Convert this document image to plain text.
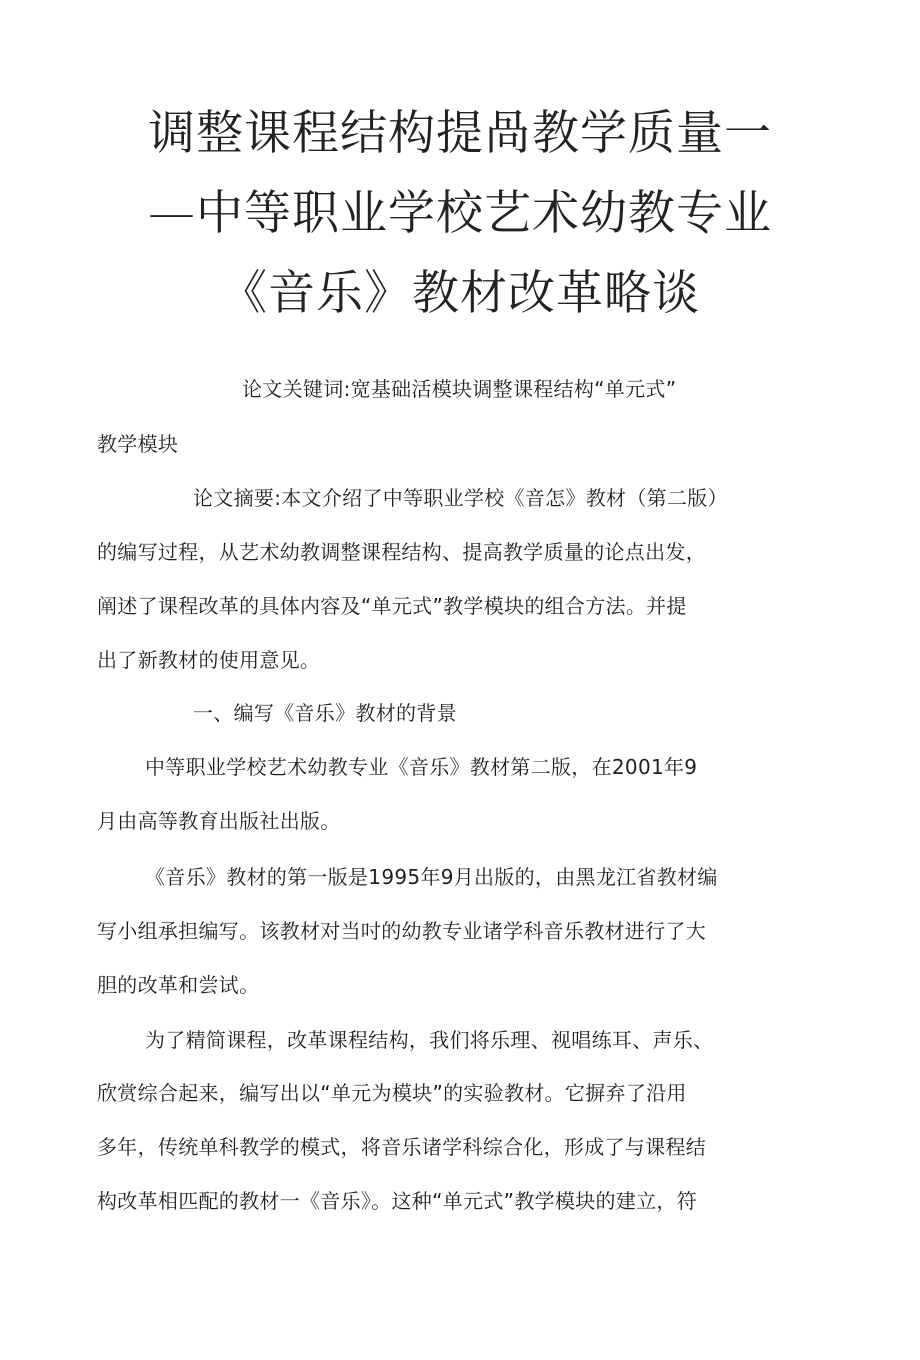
调整课程结构提咼教学质量一
—中等职业学校艺术幼教专业
《音乐》教材改革略谈
论文关键词:宽基础活模块调整课程结构“单元式”
教学模块
论文摘要:本文介绍了中等职业学校《音怎》教材（第二版）
的编写过程，从艺术幼教调整课程结构、提高教学质量的论点出发，
阐述了课程改革的具体内容及“单元式”教学模块的组合方法。并提
出了新教材的使用意见。
一、编写《音乐》教材的背景
中等职业学校艺术幼教专业《音乐》教材第二版，在2001年9
月由高等教育出版社出版。
《音乐》教材的第一版是1995年9月出版的，由黑龙江省教材编
写小组承担编写。该教材对当吋的幼教专业诸学科音乐教材进行了大
胆的改革和尝试。
为了精简课程，改革课程结构，我们将乐理、视唱练耳、声乐、
欣赏综合起来，编写出以“单元为模块”的实验教材。它摒弃了沿用
多年，传统单科教学的模式，将音乐诸学科综合化，形成了与课程结
构改革相匹配的教材一《音乐》。这种“单元式”教学模块的建立，符
